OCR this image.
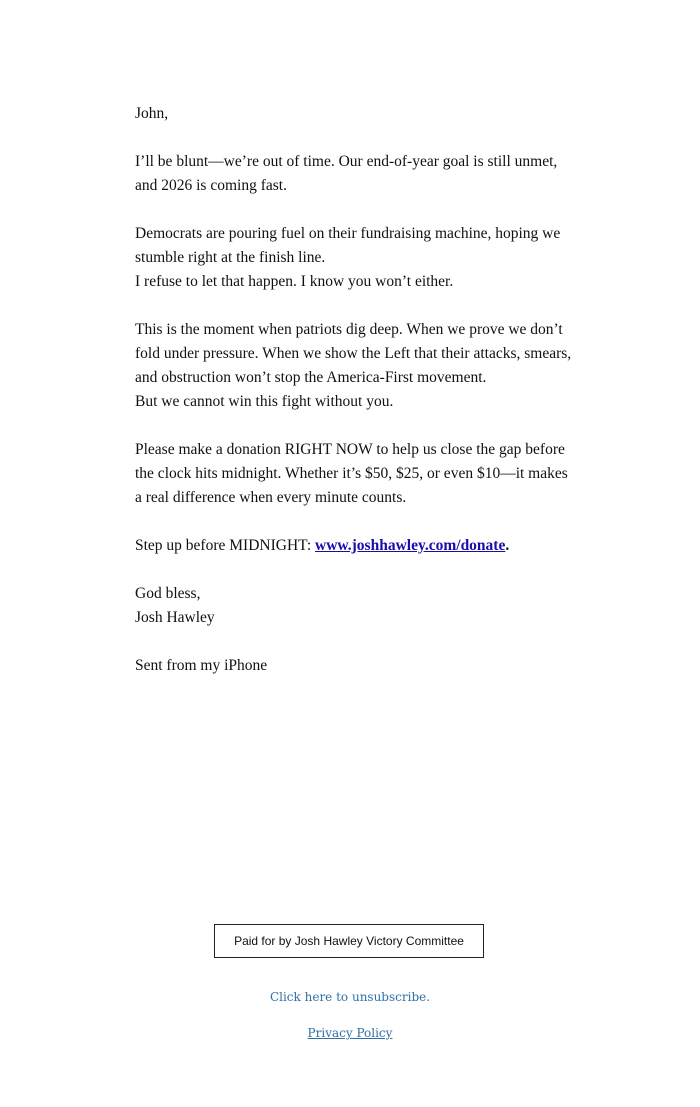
John,

I’ll be blunt—we’re out of time. Our end-of-year goal is still unmet, and 2026 is coming fast.

Democrats are pouring fuel on their fundraising machine, hoping we stumble right at the finish line.
I refuse to let that happen. I know you won’t either.

This is the moment when patriots dig deep. When we prove we don’t fold under pressure. When we show the Left that their attacks, smears, and obstruction won’t stop the America-First movement.
But we cannot win this fight without you.

Please make a donation RIGHT NOW to help us close the gap before the clock hits midnight. Whether it’s $50, $25, or even $10—it makes a real difference when every minute counts.

Step up before MIDNIGHT: www.joshhawley.com/donate.

God bless,
Josh Hawley

Sent from my iPhone

Paid for by Josh Hawley Victory Committee
Click here to unsubscribe.
Privacy Policy
